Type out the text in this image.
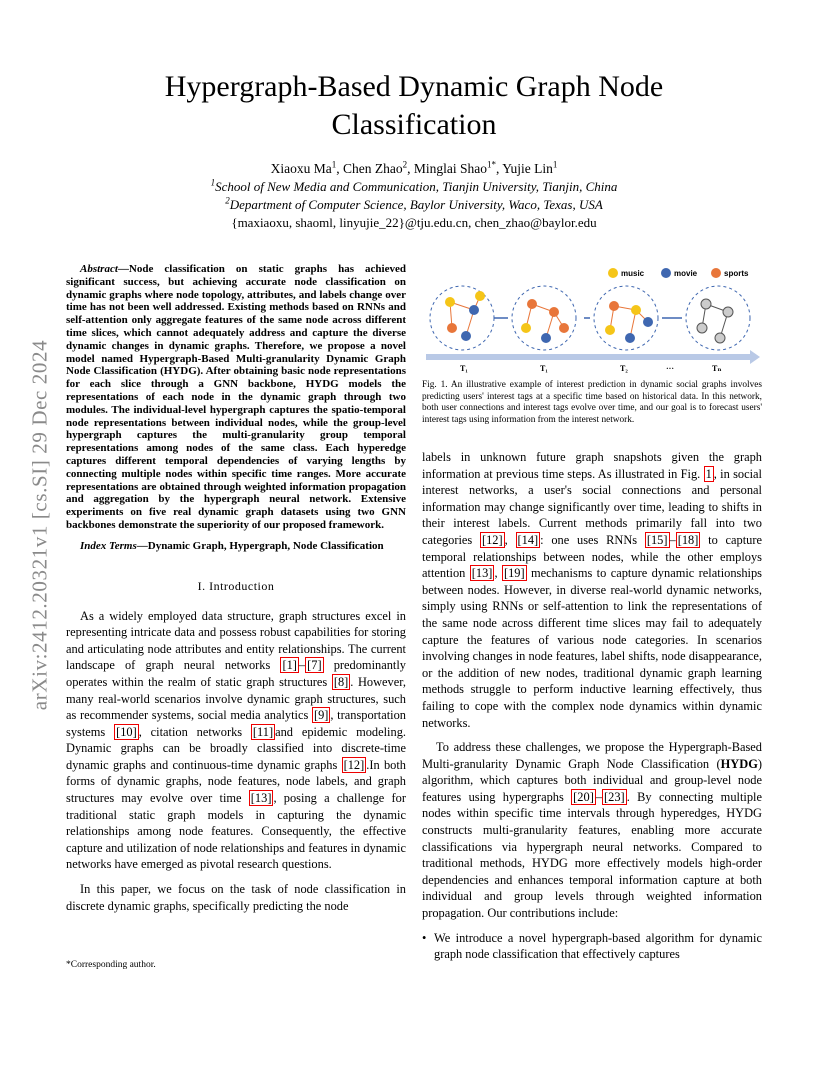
arXiv:2412.20321v1 [cs.SI] 29 Dec 2024
Hypergraph-Based Dynamic Graph Node Classification
Xiaoxu Ma$^1$, Chen Zhao$^2$, Minglai Shao$^{1*}$, Yujie Lin$^1$
$^1$School of New Media and Communication, Tianjin University, Tianjin, China
$^2$Department of Computer Science, Baylor University, Waco, Texas, USA
{maxiaoxu, shaoml, linyujie_22}@tju.edu.cn, chen_zhao@baylor.edu

Abstract—Node classification on static graphs has achieved significant success, but achieving accurate node classification on dynamic graphs where node topology, attributes, and labels change over time has not been well addressed. Existing methods based on RNNs and self-attention only aggregate features of the same node across different time slices, which cannot adequately address and capture the diverse dynamic changes in dynamic graphs. Therefore, we propose a novel model named Hypergraph-Based Multi-granularity Dynamic Graph Node Classification (HYDG). After obtaining basic node representations for each slice through a GNN backbone, HYDG models the representations of each node in the dynamic graph through two modules. The individual-level hypergraph captures the spatio-temporal node representations between individual nodes, while the group-level hypergraph captures the multi-granularity group temporal representations among nodes of the same class. Each hyperedge captures different temporal dependencies of varying lengths by connecting multiple nodes within specific time ranges. More accurate representations are obtained through weighted information propagation and aggregation by the hypergraph neural network. Extensive experiments on five real dynamic graph datasets using two GNN backbones demonstrate the superiority of our proposed framework.

Index Terms—Dynamic Graph, Hypergraph, Node Classification

I. Introduction

As a widely employed data structure, graph structures excel in representing intricate data and possess robust capabilities for storing and articulating node attributes and entity relationships. The current landscape of graph neural networks [1] – [7] predominantly operates within the realm of static graph structures [8] . However, many real-world scenarios involve dynamic graph structures, such as recommender systems, social media analytics [9] , transportation systems [10] , citation networks [11] and epidemic modeling. Dynamic graphs can be broadly classified into discrete-time dynamic graphs and continuous-time dynamic graphs [12] .In both forms of dynamic graphs, node features, node labels, and graph structures may evolve over time [13] , posing a challenge for traditional static graph models in capturing the dynamic relationships among node features. Consequently, the effective capture and utilization of node relationships and features in dynamic networks have emerged as pivotal research questions.

In this paper, we focus on the task of node classification in discrete dynamic graphs, specifically predicting the node

*Corresponding author.
music	movie	sports
T₁	T₁	T₂	···	Tₙ
Fig. 1. An illustrative example of interest prediction in dynamic social graphs involves predicting users' interest tags at a specific time based on historical data. In this network, both user connections and interest tags evolve over time, and our goal is to forecast users' interest tags using information from the interest network.

labels in unknown future graph snapshots given the graph information at previous time steps. As illustrated in Fig. 1 , in social interest networks, a user's social connections and personal information may change significantly over time, leading to shifts in their interest labels. Current methods primarily fall into two categories [12] , [14] : one uses RNNs [15] – [18] to capture temporal relationships between nodes, while the other employs attention [13] , [19] mechanisms to capture dynamic relationships between nodes. However, in diverse real-world dynamic networks, simply using RNNs or self-attention to link the representations of the same node across different time slices may fail to adequately capture the features of various node categories. In scenarios involving changes in node features, label shifts, node disappearance, or the addition of new nodes, traditional dynamic graph learning methods struggle to perform inductive learning effectively, thus failing to cope with the complex node dynamics within dynamic networks.

To address these challenges, we propose the Hypergraph-Based Multi-granularity Dynamic Graph Node Classification (HYDG) algorithm, which captures both individual and group-level node features using hypergraphs [20] – [23] . By connecting multiple nodes within specific time intervals through hyperedges, HYDG constructs multi-granularity features, enabling more accurate classifications via hypergraph neural networks. Compared to traditional methods, HYDG more effectively models high-order dependencies and enhances temporal information capture at both individual and group levels through weighted information propagation. Our contributions include:

• We introduce a novel hypergraph-based algorithm for dynamic graph node classification that effectively captures
